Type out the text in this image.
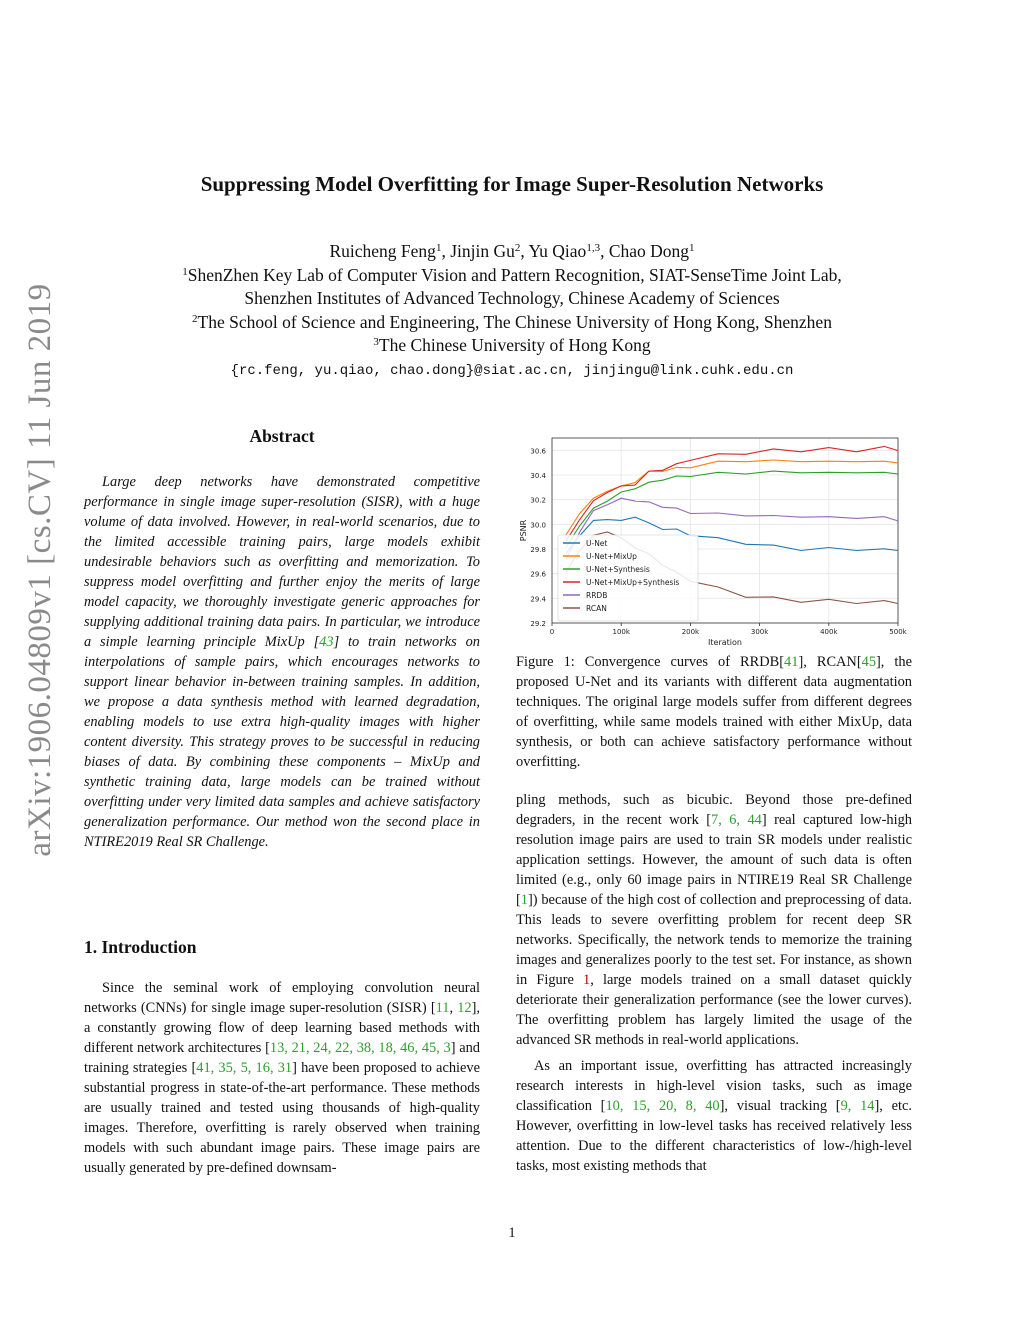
arXiv:1906.04809v1 [cs.CV] 11 Jun 2019
Suppressing Model Overfitting for Image Super-Resolution Networks
Ruicheng Feng$^1$, Jinjin Gu$^2$, Yu Qiao$^{1,3}$, Chao Dong$^1$
$^1$ShenZhen Key Lab of Computer Vision and Pattern Recognition, SIAT-SenseTime Joint Lab,
Shenzhen Institutes of Advanced Technology, Chinese Academy of Sciences
$^2$The School of Science and Engineering, The Chinese University of Hong Kong, Shenzhen
$^3$The Chinese University of Hong Kong
{rc.feng, yu.qiao, chao.dong}@siat.ac.cn, jinjingu@link.cuhk.edu.cn
Abstract

Large deep networks have demonstrated competitive performance in single image super-resolution (SISR), with a huge volume of data involved. However, in real-world scenarios, due to the limited accessible training pairs, large models exhibit undesirable behaviors such as overfitting and memorization. To suppress model overfitting and further enjoy the merits of large model capacity, we thoroughly investigate generic approaches for supplying additional training data pairs. In particular, we introduce a simple learning principle MixUp [43] to train networks on interpolations of sample pairs, which encourages networks to support linear behavior in-between training samples. In addition, we propose a data synthesis method with learned degradation, enabling models to use extra high-quality images with higher content diversity. This strategy proves to be successful in reducing biases of data. By combining these components – MixUp and synthetic training data, large models can be trained without overfitting under very limited data samples and achieve satisfactory generalization performance. Our method won the second place in NTIRE2019 Real SR Challenge.

1. Introduction

Since the seminal work of employing convolution neural networks (CNNs) for single image super-resolution (SISR) [11, 12], a constantly growing flow of deep learning based methods with different network architectures [13, 21, 24, 22, 38, 18, 46, 45, 3] and training strategies [41, 35, 5, 16, 31] have been proposed to achieve substantial progress in state-of-the-art performance. These methods are usually trained and tested using thousands of high-quality images. Therefore, overfitting is rarely observed when training models with such abundant image pairs. These image pairs are usually generated by pre-defined downsam-

29.2
29.4
29.6
29.8
30.0
30.2
30.4
30.6
0	100k	200k	300k	400k	500k
Iteration
PSNR
U-Net
U-Net+MixUp
U-Net+Synthesis
U-Net+MixUp+Synthesis
RRDB
RCAN

Figure 1: Convergence curves of RRDB[41], RCAN[45], the proposed U-Net and its variants with different data augmentation techniques. The original large models suffer from different degrees of overfitting, while same models trained with either MixUp, data synthesis, or both can achieve satisfactory performance without overfitting.

pling methods, such as bicubic. Beyond those pre-defined degraders, in the recent work [7, 6, 44] real captured low-high resolution image pairs are used to train SR models under realistic application settings. However, the amount of such data is often limited (e.g., only 60 image pairs in NTIRE19 Real SR Challenge [1]) because of the high cost of collection and preprocessing of data. This leads to severe overfitting problem for recent deep SR networks. Specifically, the network tends to memorize the training images and generalizes poorly to the test set. For instance, as shown in Figure 1, large models trained on a small dataset quickly deteriorate their generalization performance (see the lower curves). The overfitting problem has largely limited the usage of the advanced SR methods in real-world applications.

As an important issue, overfitting has attracted increasingly research interests in high-level vision tasks, such as image classification [10, 15, 20, 8, 40], visual tracking [9, 14], etc. However, overfitting in low-level tasks has received relatively less attention. Due to the different characteristics of low-/high-level tasks, most existing methods that

1
